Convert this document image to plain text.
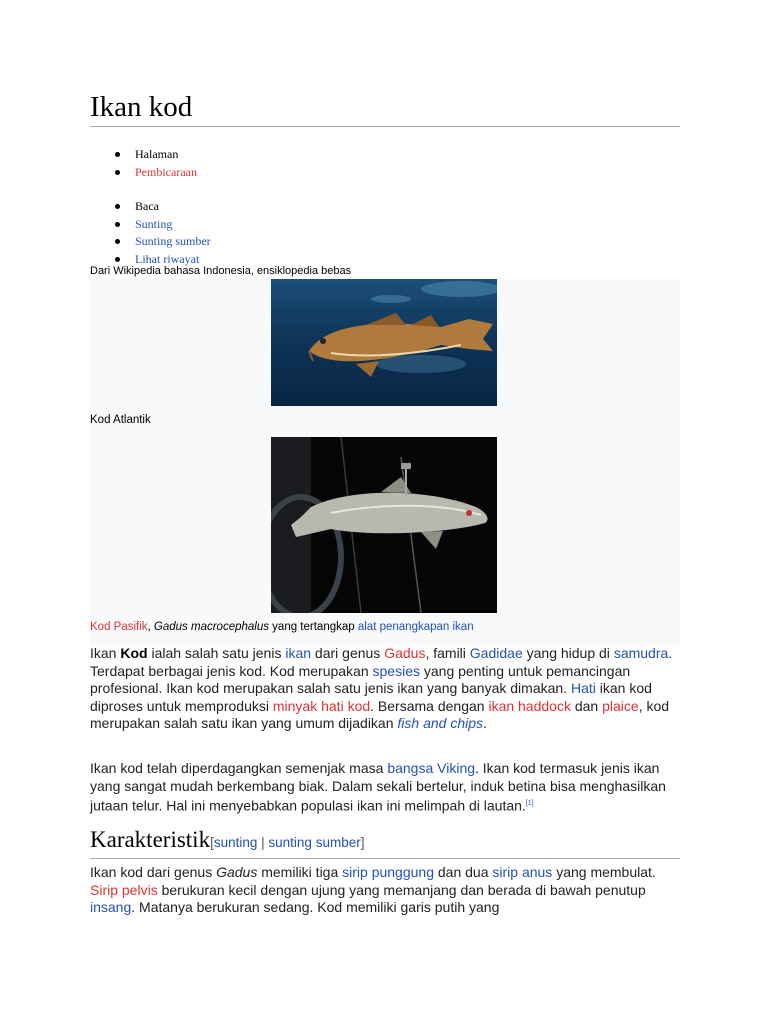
Ikan kod
Halaman
Pembicaraan
Baca
Sunting
Sunting sumber
Lihat riwayat
Dari Wikipedia bahasa Indonesia, ensiklopedia bebas
Kod Atlantik
Kod Pasifik, Gadus macrocephalus yang tertangkap alat penangkapan ikan

Ikan Kod ialah salah satu jenis ikan dari genus Gadus, famili Gadidae yang hidup di samudra. Terdapat berbagai jenis kod. Kod merupakan spesies yang penting untuk pemancingan profesional. Ikan kod merupakan salah satu jenis ikan yang banyak dimakan. Hati ikan kod diproses untuk memproduksi minyak hati kod. Bersama dengan ikan haddock dan plaice, kod merupakan salah satu ikan yang umum dijadikan fish and chips.

Ikan kod telah diperdagangkan semenjak masa bangsa Viking. Ikan kod termasuk jenis ikan yang sangat mudah berkembang biak. Dalam sekali bertelur, induk betina bisa menghasilkan jutaan telur. Hal ini menyebabkan populasi ikan ini melimpah di lautan.[1]

Karakteristik[sunting | sunting sumber]

Ikan kod dari genus Gadus memiliki tiga sirip punggung dan dua sirip anus yang membulat. Sirip pelvis berukuran kecil dengan ujung yang memanjang dan berada di bawah penutup insang. Matanya berukuran sedang. Kod memiliki garis putih yang
